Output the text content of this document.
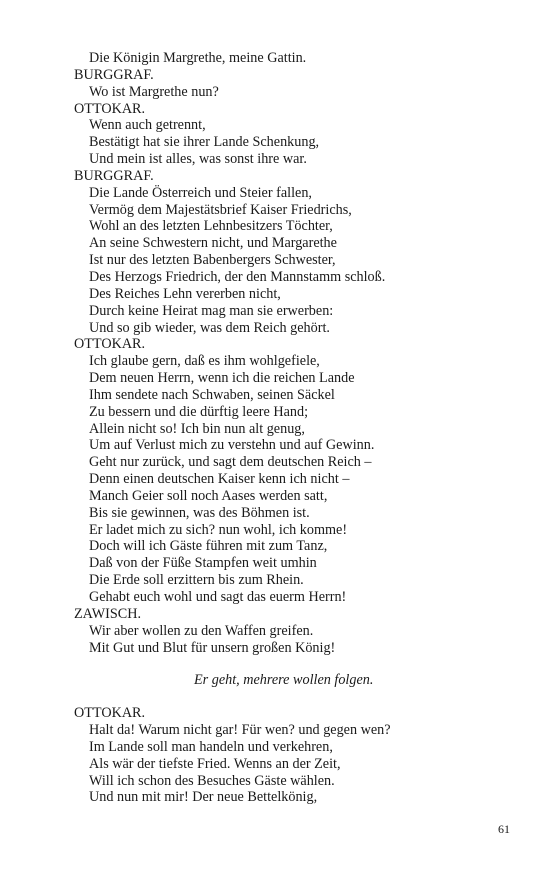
Die Königin Margrethe, meine Gattin.
BURGGRAF.
Wo ist Margrethe nun?
OTTOKAR.
Wenn auch getrennt,
Bestätigt hat sie ihrer Lande Schenkung,
Und mein ist alles, was sonst ihre war.
BURGGRAF.
Die Lande Österreich und Steier fallen,
Vermög dem Majestätsbrief Kaiser Friedrichs,
Wohl an des letzten Lehnbesitzers Töchter,
An seine Schwestern nicht, und Margarethe
Ist nur des letzten Babenbergers Schwester,
Des Herzogs Friedrich, der den Mannstamm schloß.
Des Reiches Lehn vererben nicht,
Durch keine Heirat mag man sie erwerben:
Und so gib wieder, was dem Reich gehört.
OTTOKAR.
Ich glaube gern, daß es ihm wohlgefiele,
Dem neuen Herrn, wenn ich die reichen Lande
Ihm sendete nach Schwaben, seinen Säckel
Zu bessern und die dürftig leere Hand;
Allein nicht so! Ich bin nun alt genug,
Um auf Verlust mich zu verstehn und auf Gewinn.
Geht nur zurück, und sagt dem deutschen Reich –
Denn einen deutschen Kaiser kenn ich nicht –
Manch Geier soll noch Aases werden satt,
Bis sie gewinnen, was des Böhmen ist.
Er ladet mich zu sich? nun wohl, ich komme!
Doch will ich Gäste führen mit zum Tanz,
Daß von der Füße Stampfen weit umhin
Die Erde soll erzittern bis zum Rhein.
Gehabt euch wohl und sagt das euerm Herrn!
ZAWISCH.
Wir aber wollen zu den Waffen greifen.
Mit Gut und Blut für unsern großen König!
Er geht, mehrere wollen folgen.
OTTOKAR.
Halt da! Warum nicht gar! Für wen? und gegen wen?
Im Lande soll man handeln und verkehren,
Als wär der tiefste Fried. Wenns an der Zeit,
Will ich schon des Besuches Gäste wählen.
Und nun mit mir! Der neue Bettelkönig,
61
